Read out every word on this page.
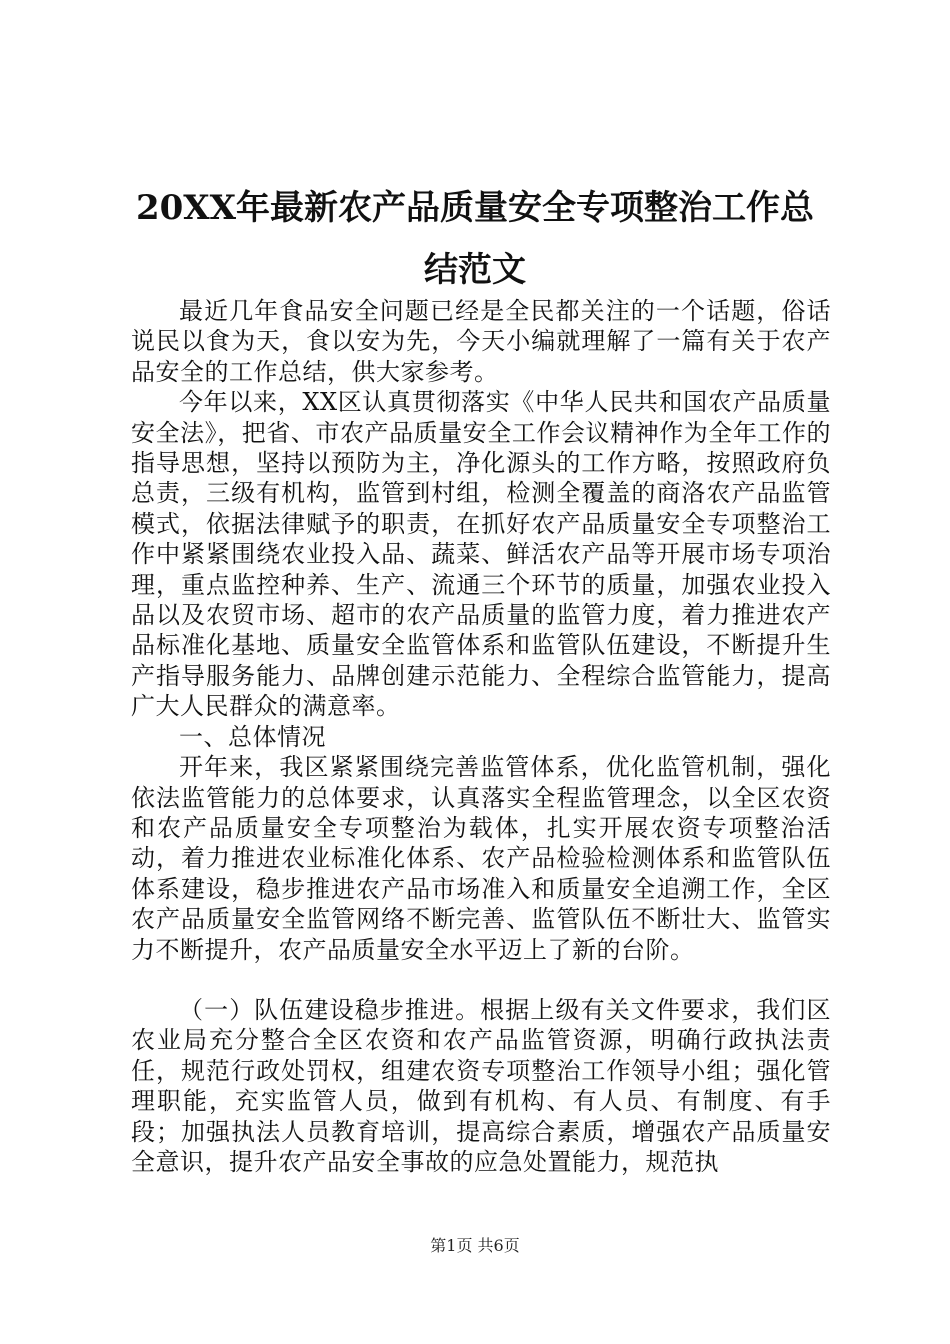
20XX年最新农产品质量安全专项整治工作总
结范文

最近几年食品安全问题已经是全民都关注的一个话题，俗话说民以食为天，食以安为先，今天小编就理解了一篇有关于农产品安全的工作总结，供大家参考。

今年以来，XX区认真贯彻落实《中华人民共和国农产品质量安全法》，把省、市农产品质量安全工作会议精神作为全年工作的指导思想，坚持以预防为主，净化源头的工作方略，按照政府负总责，三级有机构，监管到村组，检测全覆盖的商洛农产品监管模式，依据法律赋予的职责，在抓好农产品质量安全专项整治工作中紧紧围绕农业投入品、蔬菜、鲜活农产品等开展市场专项治理，重点监控种养、生产、流通三个环节的质量，加强农业投入品以及农贸市场、超市的农产品质量的监管力度，着力推进农产品标准化基地、质量安全监管体系和监管队伍建设，不断提升生产指导服务能力、品牌创建示范能力、全程综合监管能力，提高广大人民群众的满意率。

一、总体情况

开年来，我区紧紧围绕完善监管体系，优化监管机制，强化依法监管能力的总体要求，认真落实全程监管理念，以全区农资和农产品质量安全专项整治为载体，扎实开展农资专项整治活动，着力推进农业标准化体系、农产品检验检测体系和监管队伍体系建设，稳步推进农产品市场准入和质量安全追溯工作，全区农产品质量安全监管网络不断完善、监管队伍不断壮大、监管实力不断提升，农产品质量安全水平迈上了新的台阶。

（一）队伍建设稳步推进。根据上级有关文件要求，我们区农业局充分整合全区农资和农产品监管资源，明确行政执法责任，规范行政处罚权，组建农资专项整治工作领导小组；强化管理职能，充实监管人员，做到有机构、有人员、有制度、有手段；加强执法人员教育培训，提高综合素质，增强农产品质量安全意识，提升农产品安全事故的应急处置能力，规范执

第1页 共6页
